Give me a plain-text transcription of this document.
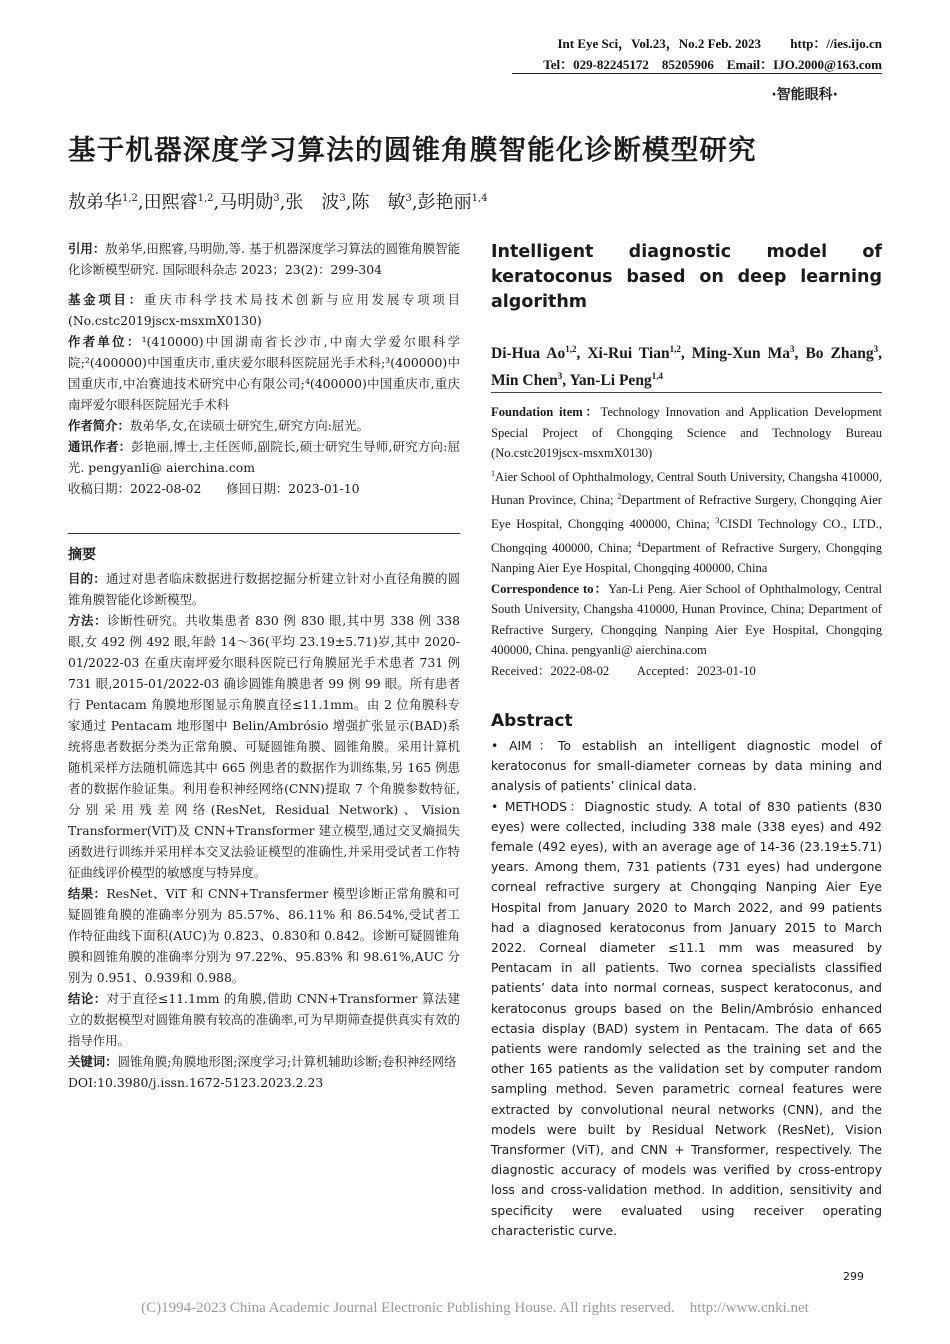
Int Eye Sci，Vol.23，No.2 Feb. 2023　　 http：//ies.ijo.cn
Tel：029-82245172　85205906　Email：IJO.2000@163.com
·智能眼科·
基于机器深度学习算法的圆锥角膜智能化诊断模型研究
敖弟华$^{1,2}$,田熙睿$^{1,2}$,马明勋$^3$,张　波$^3$,陈　敏$^3$,彭艳丽$^{1,4}$

引用：敖弟华,田熙睿,马明勋,等. 基于机器深度学习算法的圆锥角膜智能化诊断模型研究. 国际眼科杂志 2023；23(2)：299-304

基金项目：重庆市科学技术局技术创新与应用发展专项项目(No.cstc2019jscx-msxmX0130)

作者单位：¹(410000)中国湖南省长沙市,中南大学爱尔眼科学院;²(400000)中国重庆市,重庆爱尔眼科医院屈光手术科;³(400000)中国重庆市,中冶赛迪技术研究中心有限公司;⁴(400000)中国重庆市,重庆南坪爱尔眼科医院屈光手术科

作者简介：敖弟华,女,在读硕士研究生,研究方向:屈光。

通讯作者：彭艳丽,博士,主任医师,副院长,硕士研究生导师,研究方向:屈光. pengyanli@ aierchina.com

收稿日期：2022-08-02　　修回日期：2023-01-10

摘要

目的：通过对患者临床数据进行数据挖掘分析建立针对小直径角膜的圆锥角膜智能化诊断模型。

方法：诊断性研究。共收集患者 830 例 830 眼,其中男 338 例 338 眼,女 492 例 492 眼,年龄 14～36(平均 23.19±5.71)岁,其中 2020-01/2022-03 在重庆南坪爱尔眼科医院已行角膜屈光手术患者 731 例 731 眼,2015-01/2022-03 确诊圆锥角膜患者 99 例 99 眼。所有患者行 Pentacam 角膜地形图显示角膜直径≤11.1mm。由 2 位角膜科专家通过 Pentacam 地形图中 Belin/Ambrósio 增强扩张显示(BAD)系统将患者数据分类为正常角膜、可疑圆锥角膜、圆锥角膜。采用计算机随机采样方法随机筛选其中 665 例患者的数据作为训练集,另 165 例患者的数据作验证集。利用卷积神经网络(CNN)提取 7 个角膜参数特征,分别采用残差网络(ResNet, Residual Network)、Vision Transformer(ViT)及 CNN+Transformer 建立模型,通过交叉熵损失函数进行训练并采用样本交叉法验证模型的准确性,并采用受试者工作特征曲线评价模型的敏感度与特异度。

结果：ResNet、ViT 和 CNN+Transfermer 模型诊断正常角膜和可疑圆锥角膜的准确率分别为 85.57%、86.11% 和 86.54%,受试者工作特征曲线下面积(AUC)为 0.823、0.830和 0.842。诊断可疑圆锥角膜和圆锥角膜的准确率分别为 97.22%、95.83% 和 98.61%,AUC 分别为 0.951、0.939和 0.988。

结论：对于直径≤11.1mm 的角膜,借助 CNN+Transformer 算法建立的数据模型对圆锥角膜有较高的准确率,可为早期筛查提供真实有效的指导作用。

关键词：圆锥角膜;角膜地形图;深度学习;计算机辅助诊断;卷积神经网络

DOI:10.3980/j.issn.1672-5123.2023.2.23

Intelligent diagnostic model of
keratoconus based on deep learning algorithm
Di-Hua Ao$^{1,2}$, Xi-Rui Tian$^{1,2}$, Ming-Xun Ma$^3$, Bo Zhang$^3$, Min Chen$^3$, Yan-Li Peng$^{1,4}$

Foundation item：Technology Innovation and Application Development Special Project of Chongqing Science and Technology Bureau (No.cstc2019jscx-msxmX0130)

$^1$Aier School of Ophthalmology, Central South University, Changsha 410000, Hunan Province, China; $^2$Department of Refractive Surgery, Chongqing Aier Eye Hospital, Chongqing 400000, China; $^3$CISDI Technology CO., LTD., Chongqing 400000, China; $^4$Department of Refractive Surgery, Chongqing Nanping Aier Eye Hospital, Chongqing 400000, China

Correspondence to：Yan-Li Peng. Aier School of Ophthalmology, Central South University, Changsha 410000, Hunan Province, China; Department of Refractive Surgery, Chongqing Nanping Aier Eye Hospital, Chongqing 400000, China. pengyanli@ aierchina.com

Received：2022-08-02　　 Accepted：2023-01-10

Abstract

• AIM：To establish an intelligent diagnostic model of keratoconus for small-diameter corneas by data mining and analysis of patients’ clinical data.

• METHODS：Diagnostic study. A total of 830 patients (830 eyes) were collected, including 338 male (338 eyes) and 492 female (492 eyes), with an average age of 14-36 (23.19±5.71) years. Among them, 731 patients (731 eyes) had undergone corneal refractive surgery at Chongqing Nanping Aier Eye Hospital from January 2020 to March 2022, and 99 patients had a diagnosed keratoconus from January 2015 to March 2022. Corneal diameter ≤11.1 mm was measured by Pentacam in all patients. Two cornea specialists classified patients’ data into normal corneas, suspect keratoconus, and keratoconus groups based on the Belin/Ambrósio enhanced ectasia display (BAD) system in Pentacam. The data of 665 patients were randomly selected as the training set and the other 165 patients as the validation set by computer random sampling method. Seven parametric corneal features were extracted by convolutional neural networks (CNN), and the models were built by Residual Network (ResNet), Vision Transformer (ViT), and CNN + Transformer, respectively. The diagnostic accuracy of models was verified by cross-entropy loss and cross-validation method. In addition, sensitivity and specificity were evaluated using receiver operating characteristic curve.

299
(C)1994-2023 China Academic Journal Electronic Publishing House. All rights reserved.　http://www.cnki.net
